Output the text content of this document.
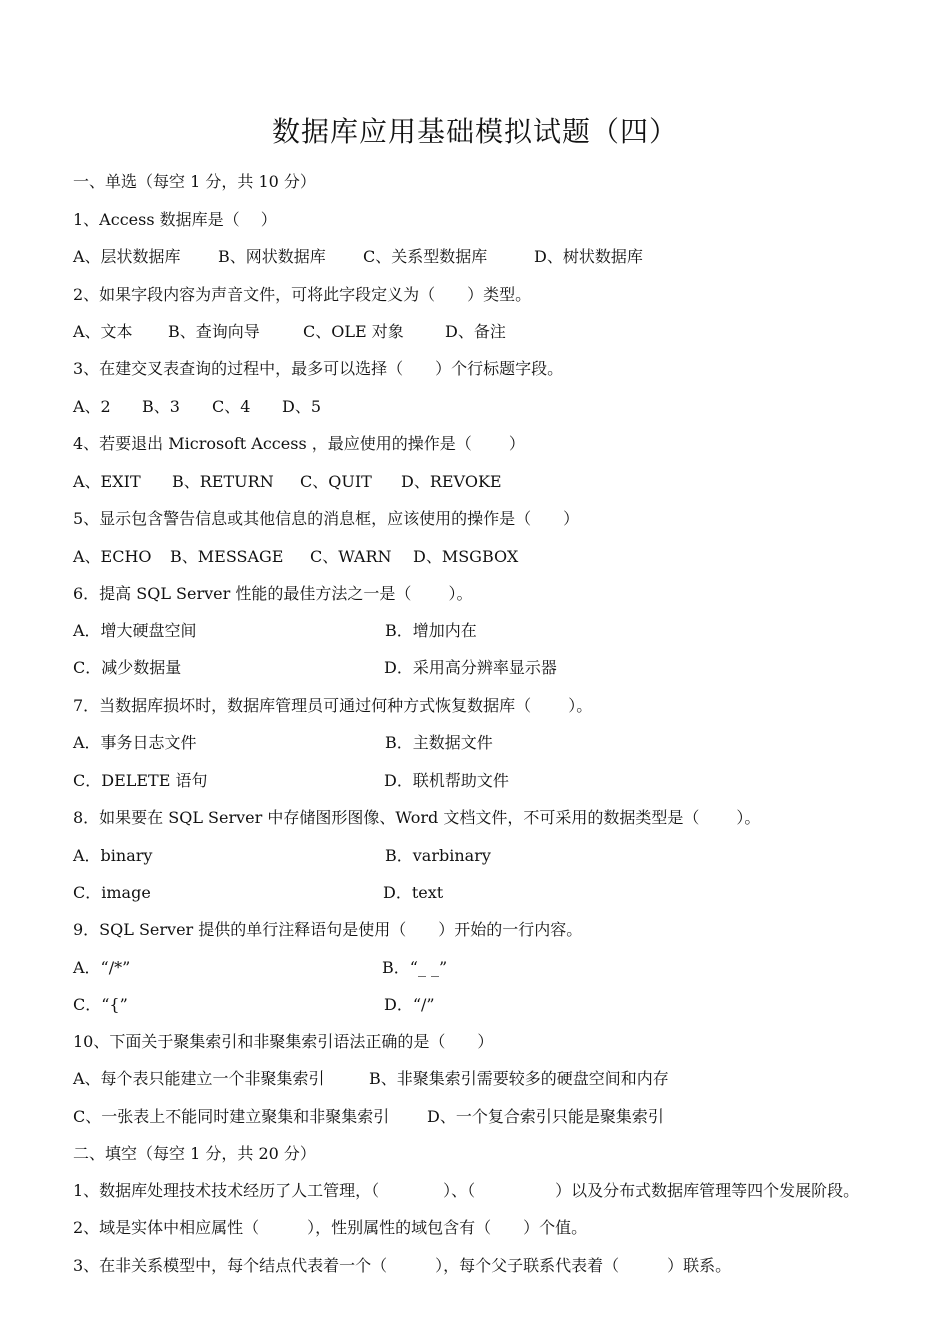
数据库应用基础模拟试题（四）
一、单选（每空 1 分，共 10 分）
1、Access 数据库是（　 ）
A、层状数据库 B、网状数据库 C、关系型数据库	D、树状数据库
2、如果字段内容为声音文件，可将此字段定义为（　　）类型。
A、文本 B、查询向导	C、OLE 对象	D、备注
3、在建交叉表查询的过程中，最多可以选择（　　）个行标题字段。
A、2 B、3 C、4 D、5
4、若要退出 Microsoft Access ，最应使用的操作是（　　 ）
A、EXIT B、RETURN C、QUIT D、REVOKE
5、显示包含警告信息或其他信息的消息框，应该使用的操作是（　　）
A、ECHO B、MESSAGE C、WARN D、MSGBOX
6．提高 SQL Server 性能的最佳方法之一是（　　 ）。
A．增大硬盘空间	B．增加内在
C．减少数据量	D．采用高分辨率显示器
7．当数据库损坏时，数据库管理员可通过何种方式恢复数据库（　　 ）。
A．事务日志文件	B．主数据文件
C．DELETE 语句	D．联机帮助文件
8．如果要在 SQL Server 中存储图形图像、Word 文档文件，不可采用的数据类型是（　　 ）。
A．binary	B．varbinary
C．image	D．text
9．SQL Server 提供的单行注释语句是使用（　　）开始的一行内容。
A．“/*”	B．“_ _”
C．“{”	D．“/”
10、下面关于聚集索引和非聚集索引语法正确的是（　　）
A、每个表只能建立一个非聚集索引	B、非聚集索引需要较多的硬盘空间和内存
C、一张表上不能同时建立聚集和非聚集索引 D、一个复合索引只能是聚集索引
二、填空（每空 1 分，共 20 分）
1、数据库处理技术技术经历了人工管理，（　　　　）、（　　　　　）以及分布式数据库管理等四个发展阶段。
2、域是实体中相应属性（　　　），性别属性的域包含有（　　）个值。
3、在非关系模型中，每个结点代表着一个（　　　），每个父子联系代表着（　　　）联系。
